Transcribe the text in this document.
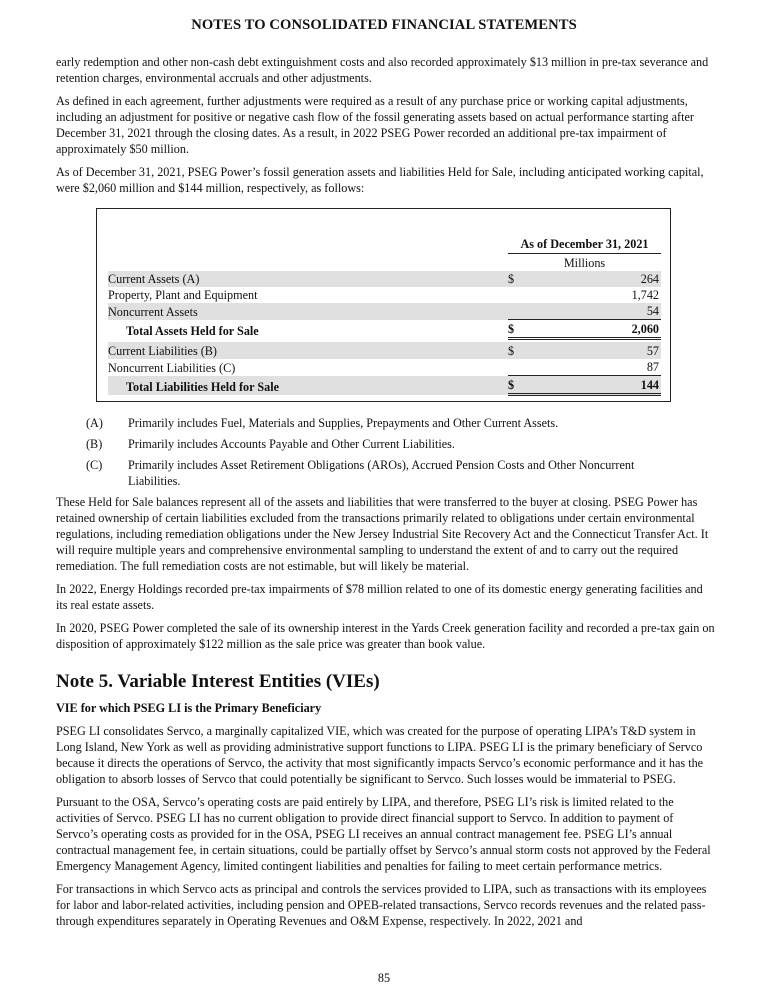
NOTES TO CONSOLIDATED FINANCIAL STATEMENTS

early redemption and other non-cash debt extinguishment costs and also recorded approximately $13 million in pre-tax severance and retention charges, environmental accruals and other adjustments.

As defined in each agreement, further adjustments were required as a result of any purchase price or working capital adjustments, including an adjustment for positive or negative cash flow of the fossil generating assets based on actual performance starting after December 31, 2021 through the closing dates. As a result, in 2022 PSEG Power recorded an additional pre-tax impairment of approximately $50 million.

As of December 31, 2021, PSEG Power’s fossil generation assets and liabilities Held for Sale, including anticipated working capital, were $2,060 million and $144 million, respectively, as follows:

	As of December 31, 2021	
	Millions	
Current Assets (A)	$	264
Property, Plant and Equipment		1,742
Noncurrent Assets		54
Total Assets Held for Sale	$	2,060

Current Liabilities (B)	$	57
Noncurrent Liabilities (C)		87
Total Liabilities Held for Sale	$	144
(A)	Primarily includes Fuel, Materials and Supplies, Prepayments and Other Current Assets.
(B)	Primarily includes Accounts Payable and Other Current Liabilities.
(C)	Primarily includes Asset Retirement Obligations (AROs), Accrued Pension Costs and Other Noncurrent Liabilities.

These Held for Sale balances represent all of the assets and liabilities that were transferred to the buyer at closing. PSEG Power has retained ownership of certain liabilities excluded from the transactions primarily related to obligations under certain environmental regulations, including remediation obligations under the New Jersey Industrial Site Recovery Act and the Connecticut Transfer Act. It will require multiple years and comprehensive environmental sampling to understand the extent of and to carry out the required remediation. The full remediation costs are not estimable, but will likely be material.

In 2022, Energy Holdings recorded pre-tax impairments of $78 million related to one of its domestic energy generating facilities and its real estate assets.

In 2020, PSEG Power completed the sale of its ownership interest in the Yards Creek generation facility and recorded a pre-tax gain on disposition of approximately $122 million as the sale price was greater than book value.

Note 5. Variable Interest Entities (VIEs)
VIE for which PSEG LI is the Primary Beneficiary

PSEG LI consolidates Servco, a marginally capitalized VIE, which was created for the purpose of operating LIPA’s T&D system in Long Island, New York as well as providing administrative support functions to LIPA. PSEG LI is the primary beneficiary of Servco because it directs the operations of Servco, the activity that most significantly impacts Servco’s economic performance and it has the obligation to absorb losses of Servco that could potentially be significant to Servco. Such losses would be immaterial to PSEG.

Pursuant to the OSA, Servco’s operating costs are paid entirely by LIPA, and therefore, PSEG LI’s risk is limited related to the activities of Servco. PSEG LI has no current obligation to provide direct financial support to Servco. In addition to payment of Servco’s operating costs as provided for in the OSA, PSEG LI receives an annual contract management fee. PSEG LI’s annual contractual management fee, in certain situations, could be partially offset by Servco’s annual storm costs not approved by the Federal Emergency Management Agency, limited contingent liabilities and penalties for failing to meet certain performance metrics.

For transactions in which Servco acts as principal and controls the services provided to LIPA, such as transactions with its employees for labor and labor-related activities, including pension and OPEB-related transactions, Servco records revenues and the related pass-through expenditures separately in Operating Revenues and O&M Expense, respectively. In 2022, 2021 and

85
